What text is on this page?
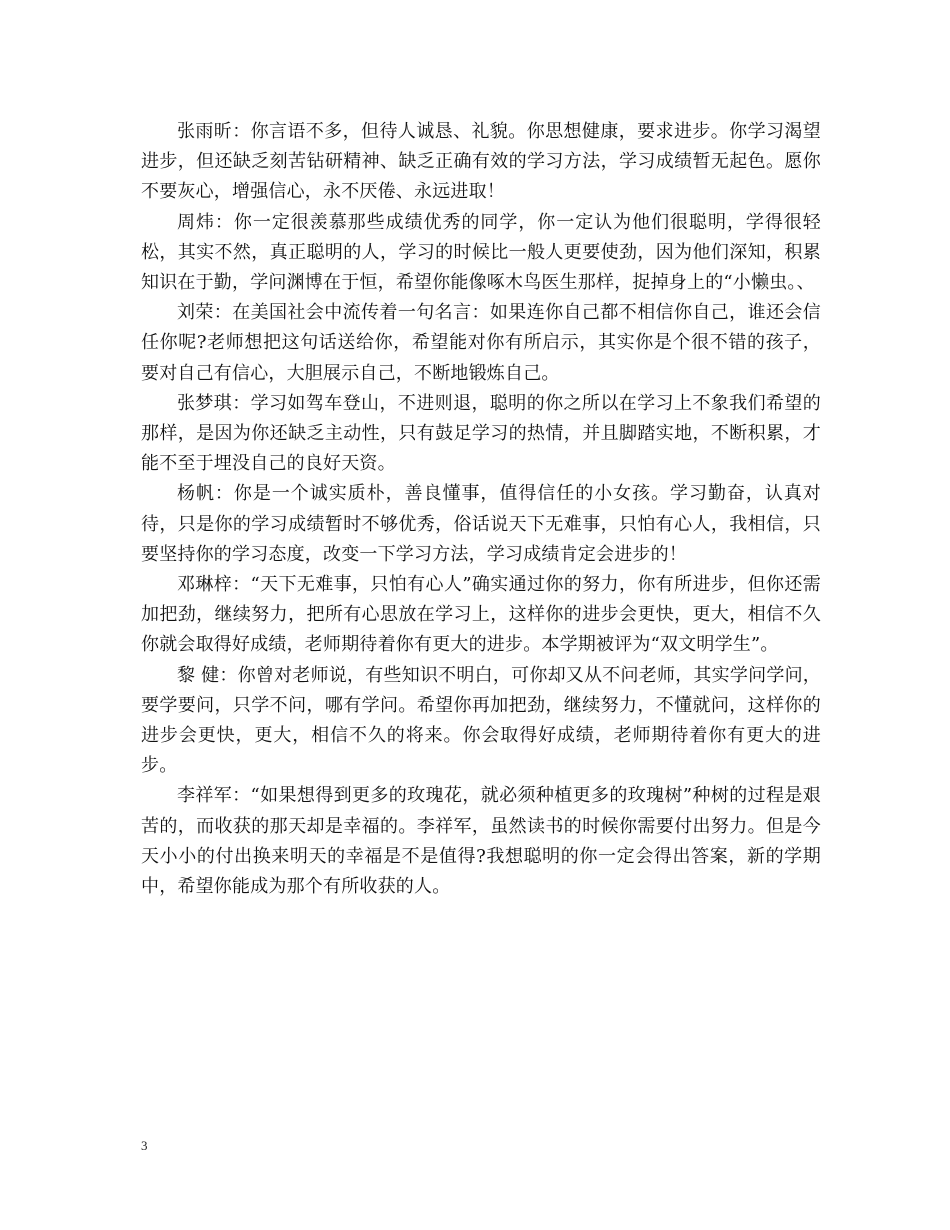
张雨昕：你言语不多，但待人诚恳、礼貌。你思想健康，要求进步。你学习渴望进步，但还缺乏刻苦钻研精神、缺乏正确有效的学习方法，学习成绩暂无起色。愿你不要灰心，增强信心，永不厌倦、永远进取！

周炜：你一定很羡慕那些成绩优秀的同学，你一定认为他们很聪明，学得很轻松，其实不然，真正聪明的人，学习的时候比一般人更要使劲，因为他们深知，积累知识在于勤，学问渊博在于恒，希望你能像啄木鸟医生那样，捉掉身上的“小懒虫。、

刘荣：在美国社会中流传着一句名言：如果连你自己都不相信你自己，谁还会信任你呢?老师想把这句话送给你，希望能对你有所启示，其实你是个很不错的孩子，要对自己有信心，大胆展示自己，不断地锻炼自己。

张梦琪：学习如驾车登山，不进则退，聪明的你之所以在学习上不象我们希望的那样，是因为你还缺乏主动性，只有鼓足学习的热情，并且脚踏实地，不断积累，才能不至于埋没自己的良好天资。

杨帆：你是一个诚实质朴，善良懂事，值得信任的小女孩。学习勤奋，认真对待，只是你的学习成绩暂时不够优秀，俗话说天下无难事，只怕有心人，我相信，只要坚持你的学习态度，改变一下学习方法，学习成绩肯定会进步的！

邓琳梓：“天下无难事，只怕有心人”确实通过你的努力，你有所进步，但你还需加把劲，继续努力，把所有心思放在学习上，这样你的进步会更快，更大，相信不久你就会取得好成绩，老师期待着你有更大的进步。本学期被评为“双文明学生”。

黎 健：你曾对老师说，有些知识不明白，可你却又从不问老师，其实学问学问，要学要问，只学不问，哪有学问。希望你再加把劲，继续努力，不懂就问，这样你的进步会更快，更大，相信不久的将来。你会取得好成绩，老师期待着你有更大的进步。

李祥军：“如果想得到更多的玫瑰花，就必须种植更多的玫瑰树”种树的过程是艰苦的，而收获的那天却是幸福的。李祥军，虽然读书的时候你需要付出努力。但是今天小小的付出换来明天的幸福是不是值得?我想聪明的你一定会得出答案，新的学期中，希望你能成为那个有所收获的人。

3
